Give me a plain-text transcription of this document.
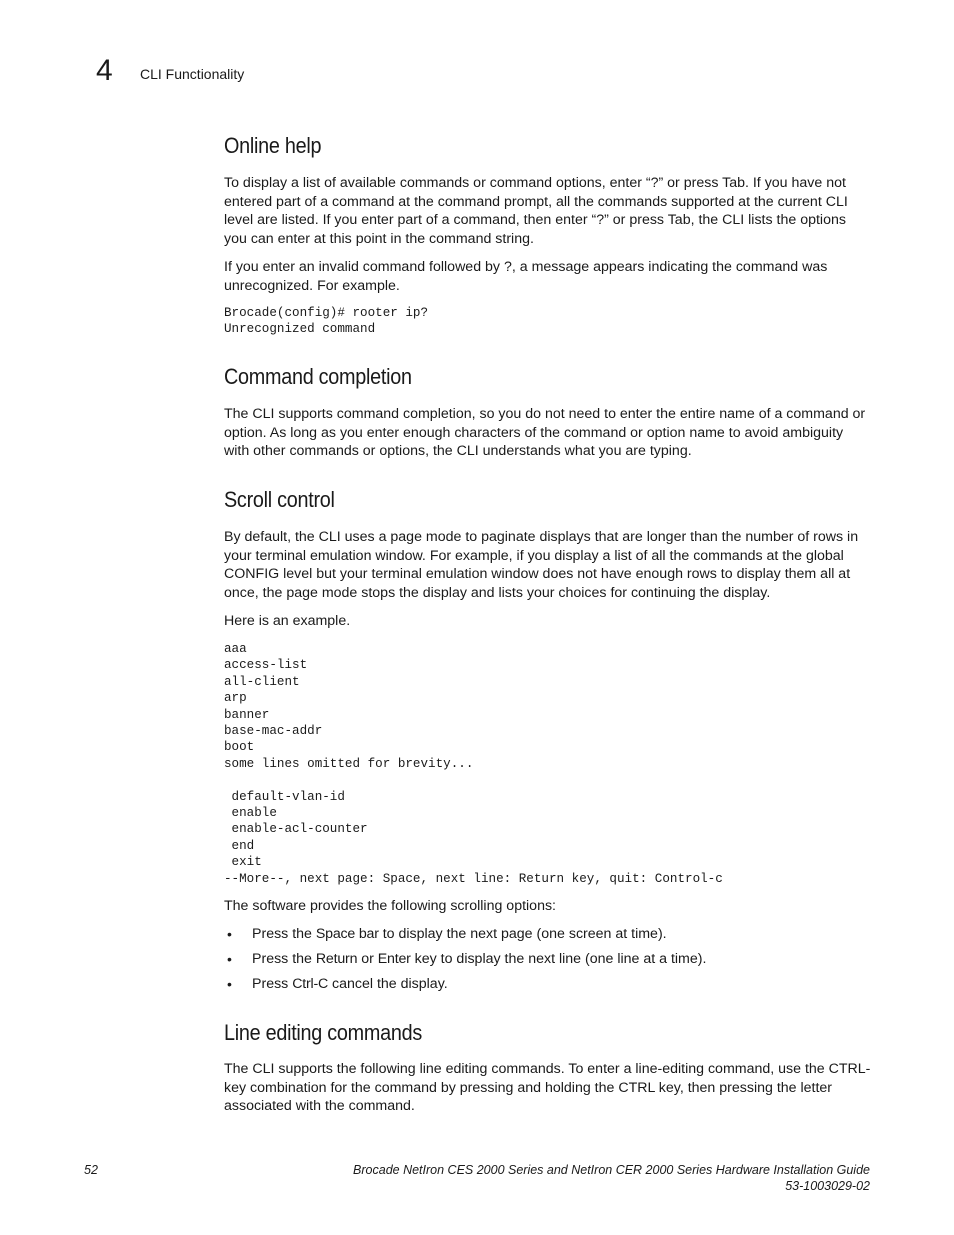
4 CLI Functionality
Online help

To display a list of available commands or command options, enter “?” or press Tab. If you have not entered part of a command at the command prompt, all the commands supported at the current CLI level are listed. If you enter part of a command, then enter “?” or press Tab, the CLI lists the options you can enter at this point in the command string.

If you enter an invalid command followed by ?, a message appears indicating the command was unrecognized. For example.

Brocade(config)# rooter ip?
Unrecognized command
Command completion

The CLI supports command completion, so you do not need to enter the entire name of a command or option. As long as you enter enough characters of the command or option name to avoid ambiguity with other commands or options, the CLI understands what you are typing.

Scroll control

By default, the CLI uses a page mode to paginate displays that are longer than the number of rows in your terminal emulation window. For example, if you display a list of all the commands at the global CONFIG level but your terminal emulation window does not have enough rows to display them all at once, the page mode stops the display and lists your choices for continuing the display.

Here is an example.

aaa
access-list
all-client
arp
banner
base-mac-addr
boot
some lines omitted for brevity...

default-vlan-id
enable
enable-acl-counter
end
exit
--More--, next page: Space, next line: Return key, quit: Control-c

The software provides the following scrolling options:

• Press the Space bar to display the next page (one screen at time).
• Press the Return or Enter key to display the next line (one line at a time).
• Press Ctrl-C cancel the display.
Line editing commands

The CLI supports the following line editing commands. To enter a line-editing command, use the CTRL-key combination for the command by pressing and holding the CTRL key, then pressing the letter associated with the command.

52	Brocade NetIron CES 2000 Series and NetIron CER 2000 Series Hardware Installation Guide
53-1003029-02
